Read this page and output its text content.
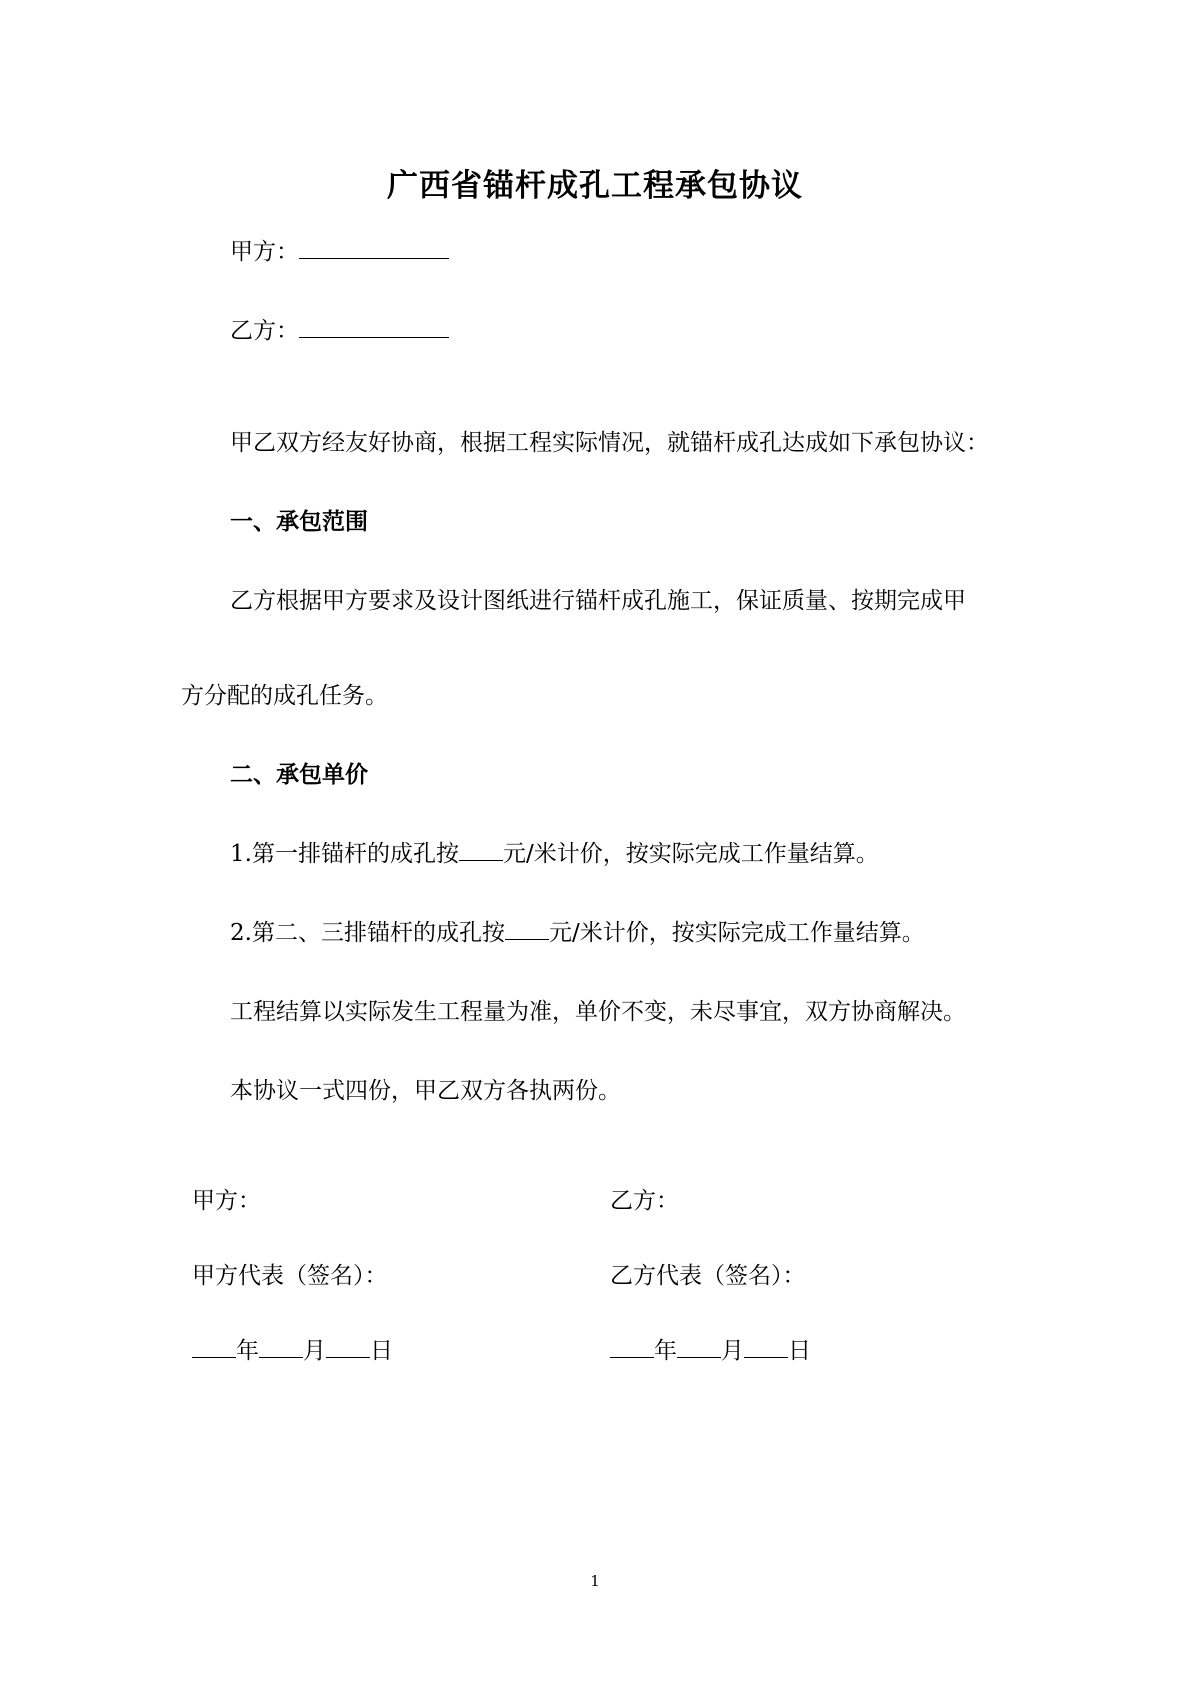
广西省锚杆成孔工程承包协议
甲方：
乙方：
甲乙双方经友好协商，根据工程实际情况，就锚杆成孔达成如下承包协议：
一、承包范围
乙方根据甲方要求及设计图纸进行锚杆成孔施工，保证质量、按期完成甲
方分配的成孔任务。
二、承包单价
1.第一排锚杆的成孔按 元/米计价，按实际完成工作量结算。
2.第二、三排锚杆的成孔按 元/米计价，按实际完成工作量结算。
工程结算以实际发生工程量为准，单价不变，未尽事宜，双方协商解决。
本协议一式四份，甲乙双方各执两份。
甲方：	乙方：
甲方代表（签名）：	乙方代表（签名）：
年 月 日	年 月 日
1
